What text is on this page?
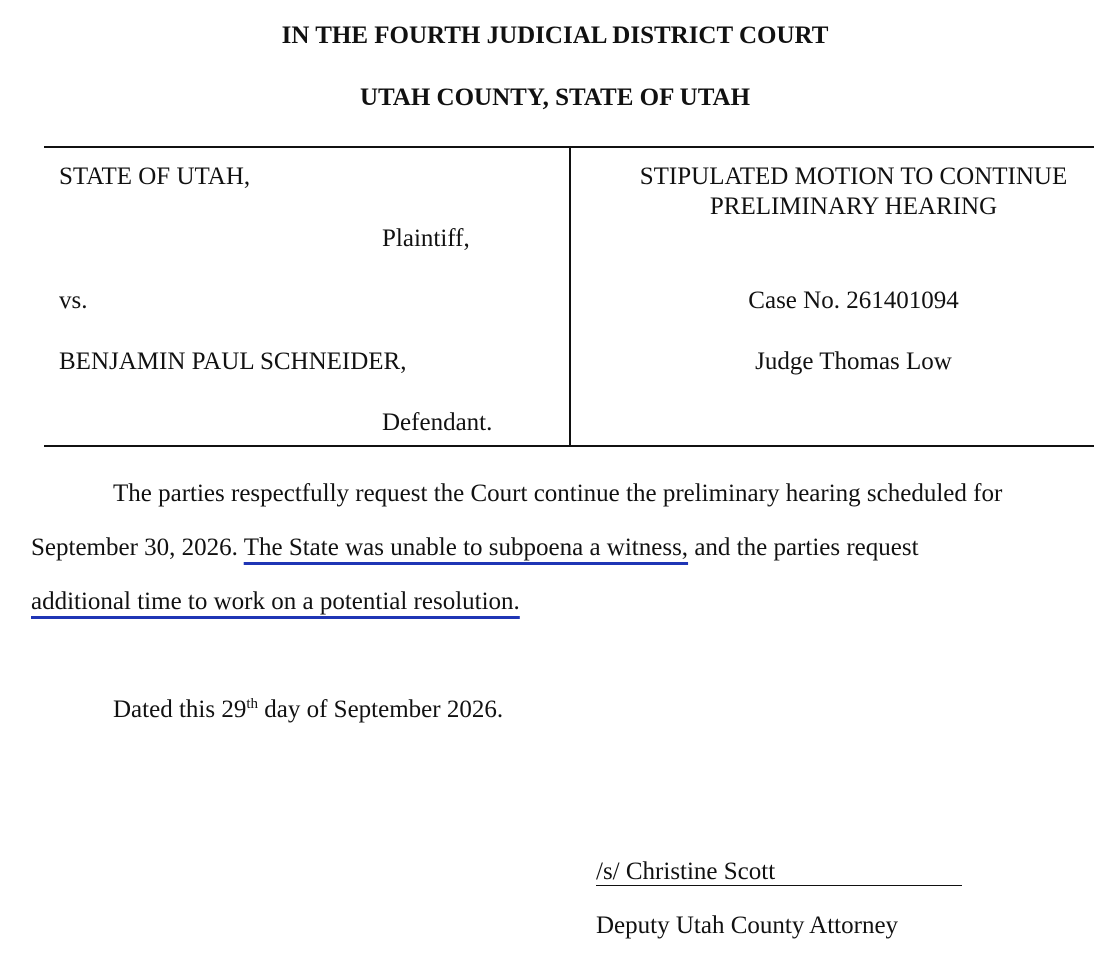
IN THE FOURTH JUDICIAL DISTRICT COURT
UTAH COUNTY, STATE OF UTAH
STATE OF UTAH,
Plaintiff,
vs.
BENJAMIN PAUL SCHNEIDER,
Defendant.
STIPULATED MOTION TO CONTINUE
PRELIMINARY HEARING
Case No. 261401094
Judge Thomas Low
The parties respectfully request the Court continue the preliminary hearing scheduled for
September 30, 2026. The State was unable to subpoena a witness, and the parties request
additional time to work on a potential resolution.
Dated this 29th day of September 2026.
/s/ Christine Scott
Deputy Utah County Attorney
